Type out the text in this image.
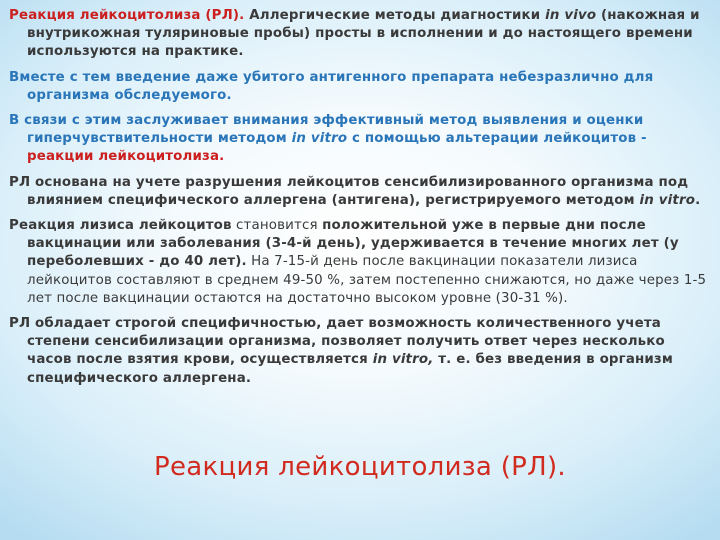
Реакция лейкоцитолиза (РЛ). Аллергические методы диагностики in vivo (накожная и внутрикожная туляриновые пробы) просты в исполнении и до настоящего времени используются на практике.

Вместе с тем введение даже убитого антигенного препарата небезразлично для организма обследуемого.

В связи с этим заслуживает внимания эффективный метод выявления и оценки гиперчувствительности методом in vitro с помощью альтерации лейкоцитов - реакции лейкоцитолиза.

РЛ основана на учете разрушения лейкоцитов сенсибилизированного организма под влиянием специфического аллергена (антигена), регистрируемого методом in vitro.

Реакция лизиса лейкоцитов становится положительной уже в первые дни после вакцинации или заболевания (3-4-й день), удерживается в течение многих лет (у переболевших - до 40 лет). На 7-15-й день после вакцинации показатели лизиса лейкоцитов составляют в среднем 49-50 %, затем постепенно снижаются, но даже через 1-5 лет после вакцинации остаются на достаточно высоком уровне (30-31 %).

РЛ обладает строгой специфичностью, дает возможность количественного учета степени сенсибилизации организма, позволяет получить ответ через несколько часов после взятия крови, осуществляется in vitro, т. е. без введения в организм специфического аллергена.

Реакция лейкоцитолиза (РЛ).
